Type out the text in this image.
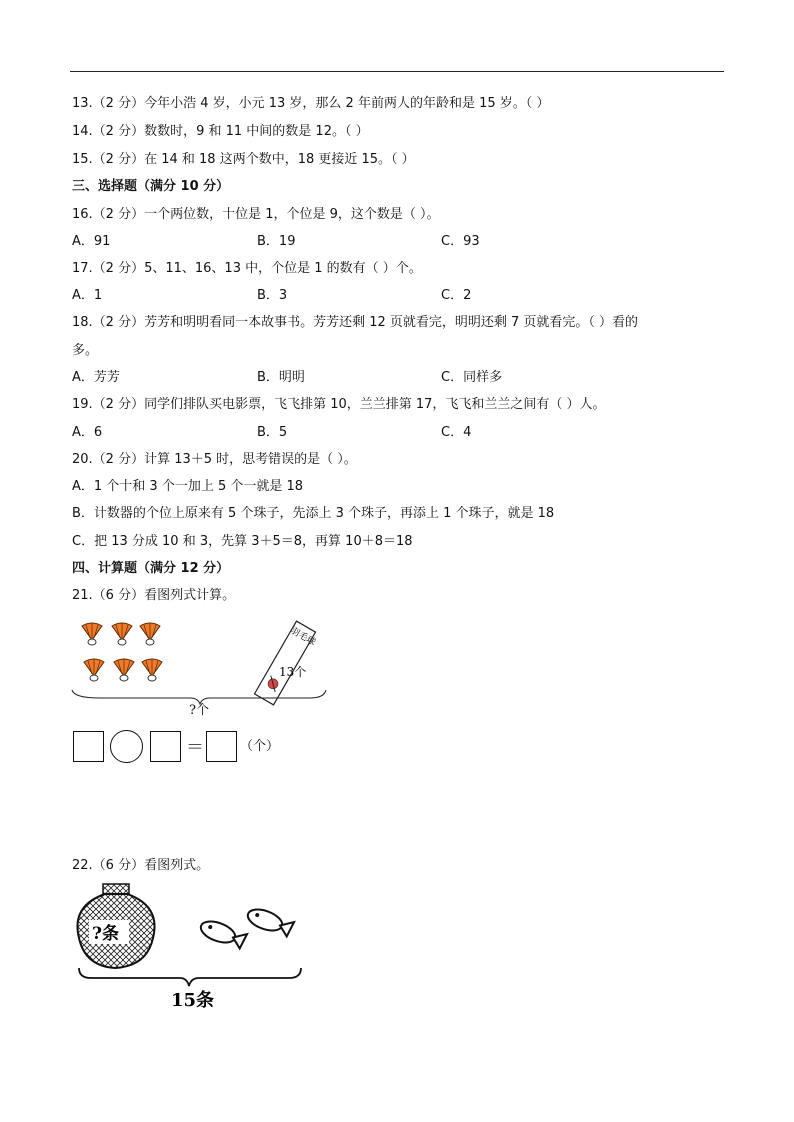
13.（2 分）今年小浩 4 岁，小元 13 岁，那么 2 年前两人的年龄和是 15 岁。（ ）
14.（2 分）数数时，9 和 11 中间的数是 12。（ ）
15.（2 分）在 14 和 18 这两个数中，18 更接近 15。（ ）
三、选择题（满分 10 分）
16.（2 分）一个两位数，十位是 1，个位是 9，这个数是（ ）。
A．91	B．19	C．93
17.（2 分）5、11、16、13 中，个位是 1 的数有（ ）个。
A．1	B．3	C．2
18.（2 分）芳芳和明明看同一本故事书。芳芳还剩 12 页就看完，明明还剩 7 页就看完。（ ）看的
多。
A．芳芳	B．明明	C．同样多
19.（2 分）同学们排队买电影票，飞飞排第 10，兰兰排第 17，飞飞和兰兰之间有（ ）人。
A．6	B．5	C．4
20.（2 分）计算 13＋5 时，思考错误的是（ ）。
A．1 个十和 3 个一加上 5 个一就是 18
B．计数器的个位上原来有 5 个珠子，先添上 3 个珠子，再添上 1 个珠子，就是 18
C．把 13 分成 10 和 3，先算 3＋5＝8，再算 10＋8＝18
四、计算题（满分 12 分）
21.（6 分）看图列式计算。
羽毛球
13个
?个
＝	（个）
22.（6 分）看图列式。
?条
15条
